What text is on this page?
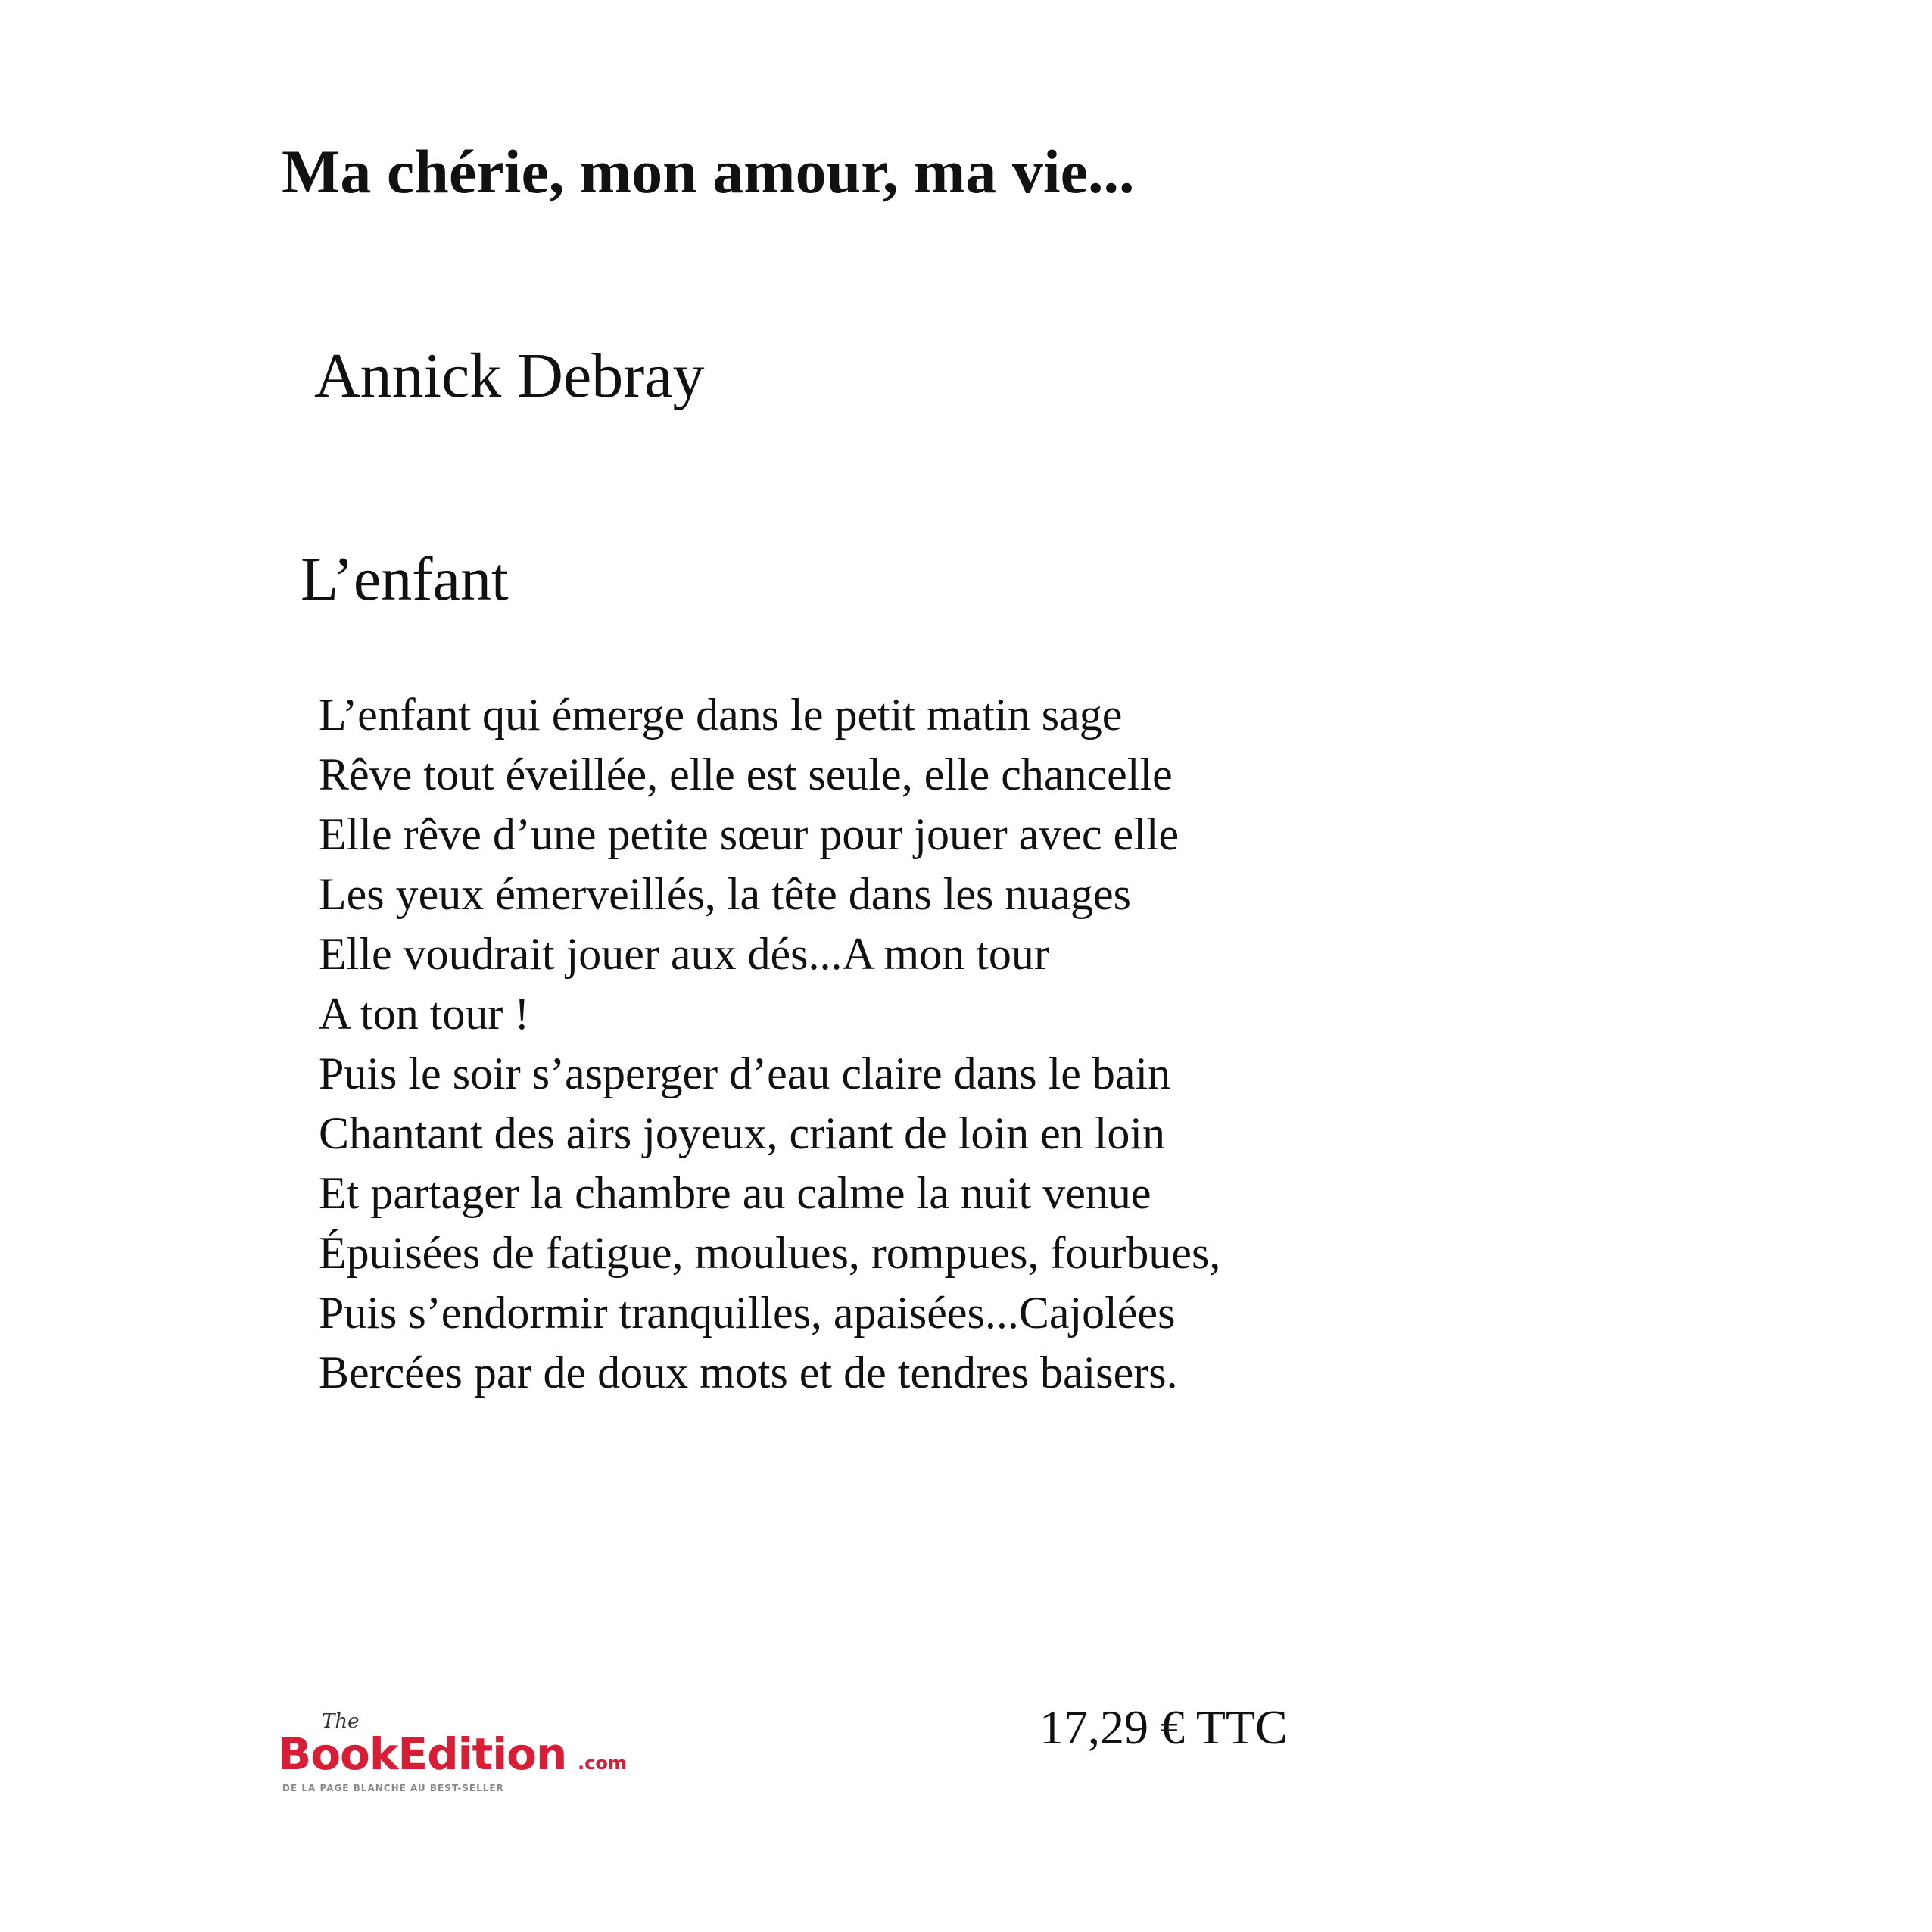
Ma chérie, mon amour, ma vie...
Annick Debray
L’enfant
L’enfant qui émerge dans le petit matin sage
Rêve tout éveillée, elle est seule, elle chancelle
Elle rêve d’une petite sœur pour jouer avec elle
Les yeux émerveillés, la tête dans les nuages
Elle voudrait jouer aux dés...A mon tour
A ton tour !
Puis le soir s’asperger d’eau claire dans le bain
Chantant des airs joyeux, criant de loin en loin
Et partager la chambre au calme la nuit venue
Épuisées de fatigue, moulues, rompues, fourbues,
Puis s’endormir tranquilles, apaisées...Cajolées
Bercées par de doux mots et de tendres baisers.
The
BookEdition .com
DE LA PAGE BLANCHE AU BEST-SELLER

17,29 € TTC
